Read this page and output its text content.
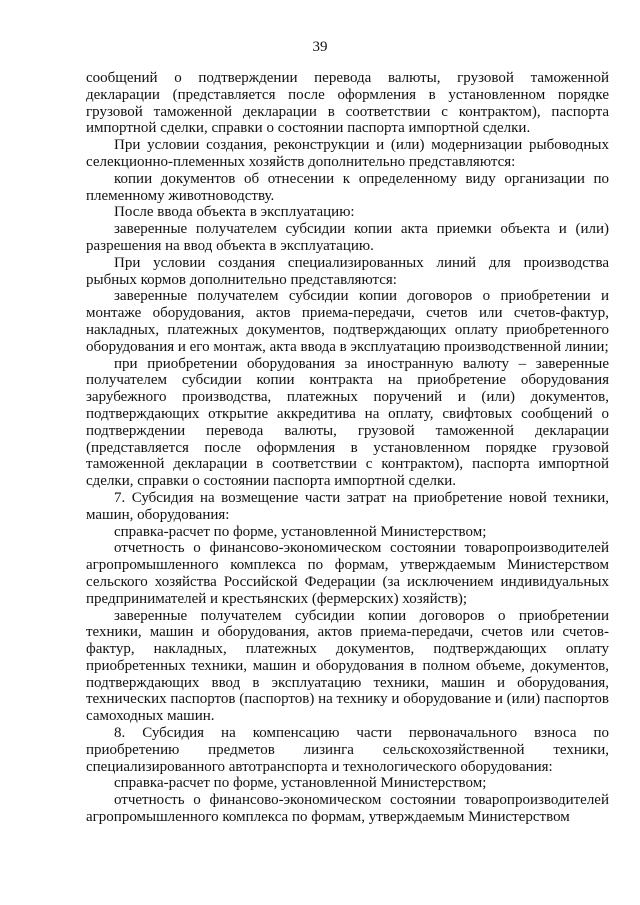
39

сообщений о подтверждении перевода валюты, грузовой таможенной декларации (представляется после оформления в установленном порядке грузовой таможенной декларации в соответствии с контрактом), паспорта импортной сделки, справки о состоянии паспорта импортной сделки.

При условии создания, реконструкции и (или) модернизации рыбоводных селекционно-племенных хозяйств дополнительно представляются:

копии документов об отнесении к определенному виду организации по племенному животноводству.

После ввода объекта в эксплуатацию:

заверенные получателем субсидии копии акта приемки объекта и (или) разрешения на ввод объекта в эксплуатацию.

При условии создания специализированных линий для производства рыбных кормов дополнительно представляются:

заверенные получателем субсидии копии договоров о приобретении и монтаже оборудования, актов приема-передачи, счетов или счетов-фактур, накладных, платежных документов, подтверждающих оплату приобретенного оборудования и его монтаж, акта ввода в эксплуатацию производственной линии;

при приобретении оборудования за иностранную валюту – заверенные получателем субсидии копии контракта на приобретение оборудования зарубежного производства, платежных поручений и (или) документов, подтверждающих открытие аккредитива на оплату, свифтовых сообщений о подтверждении перевода валюты, грузовой таможенной декларации (представляется после оформления в установленном порядке грузовой таможенной декларации в соответствии с контрактом), паспорта импортной сделки, справки о состоянии паспорта импортной сделки.

7. Субсидия на возмещение части затрат на приобретение новой техники, машин, оборудования:

справка-расчет по форме, установленной Министерством;

отчетность о финансово-экономическом состоянии товаропроизводителей агропромышленного комплекса по формам, утверждаемым Министерством сельского хозяйства Российской Федерации (за исключением индивидуальных предпринимателей и крестьянских (фермерских) хозяйств);

заверенные получателем субсидии копии договоров о приобретении техники, машин и оборудования, актов приема-передачи, счетов или счетов-фактур, накладных, платежных документов, подтверждающих оплату приобретенных техники, машин и оборудования в полном объеме, документов, подтверждающих ввод в эксплуатацию техники, машин и оборудования, технических паспортов (паспортов) на технику и оборудование и (или) паспортов самоходных машин.

8. Субсидия на компенсацию части первоначального взноса по приобретению предметов лизинга сельскохозяйственной техники, специализированного автотранспорта и технологического оборудования:

справка-расчет по форме, установленной Министерством;

отчетность о финансово-экономическом состоянии товаропроизводителей агропромышленного комплекса по формам, утверждаемым Министерством
